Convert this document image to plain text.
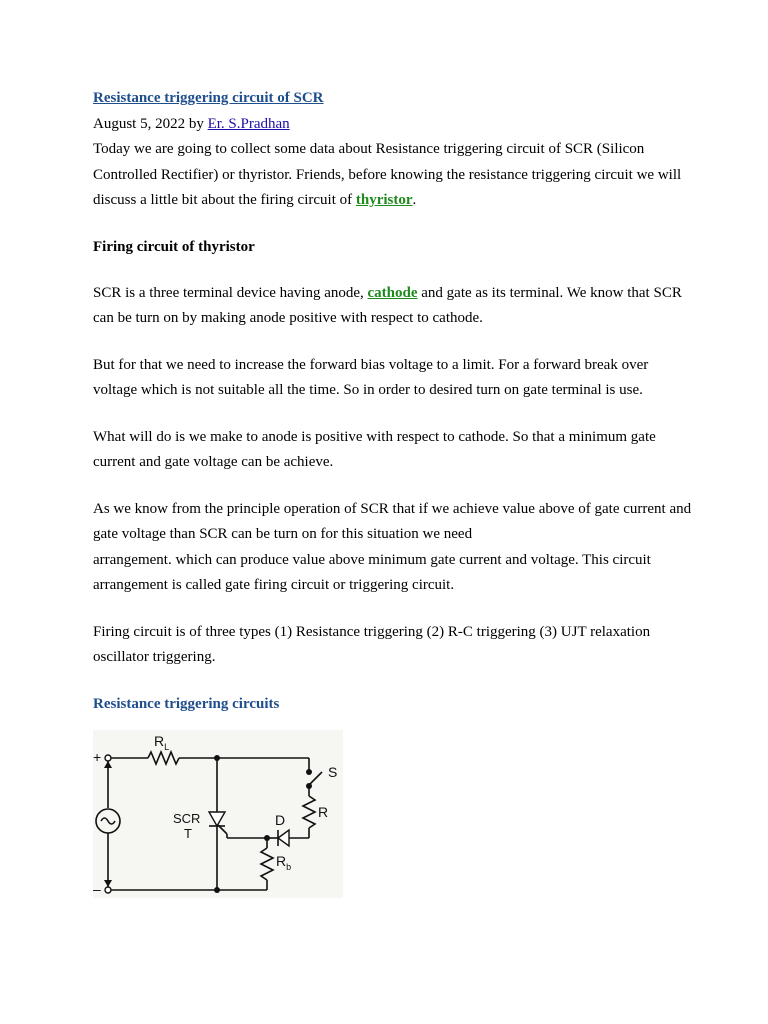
Resistance triggering circuit of SCR

August 5, 2022 by Er. S.Pradhan

Today we are going to collect some data about Resistance triggering circuit of SCR (Silicon Controlled Rectifier) or thyristor. Friends, before knowing the resistance triggering circuit we will discuss a little bit about the firing circuit of thyristor.

Firing circuit of thyristor

SCR is a three terminal device having anode, cathode and gate as its terminal. We know that SCR can be turn on by making anode positive with respect to cathode.

But for that we need to increase the forward bias voltage to a limit. For a forward break over voltage which is not suitable all the time. So in order to desired turn on gate terminal is use.

What will do is we make to anode is positive with respect to cathode. So that a minimum gate current and gate voltage can be achieve.

As we know from the principle operation of SCR that if we achieve value above of gate current and gate voltage than SCR can be turn on for this situation we need

arrangement. which can produce value above minimum gate current and voltage. This circuit arrangement is called gate firing circuit or triggering circuit.

Firing circuit is of three types (1) Resistance triggering (2) R-C triggering (3) UJT relaxation oscillator triggering.

Resistance triggering circuits
+
–
$R_L$
SCR
T
D R
S
$R_b$
